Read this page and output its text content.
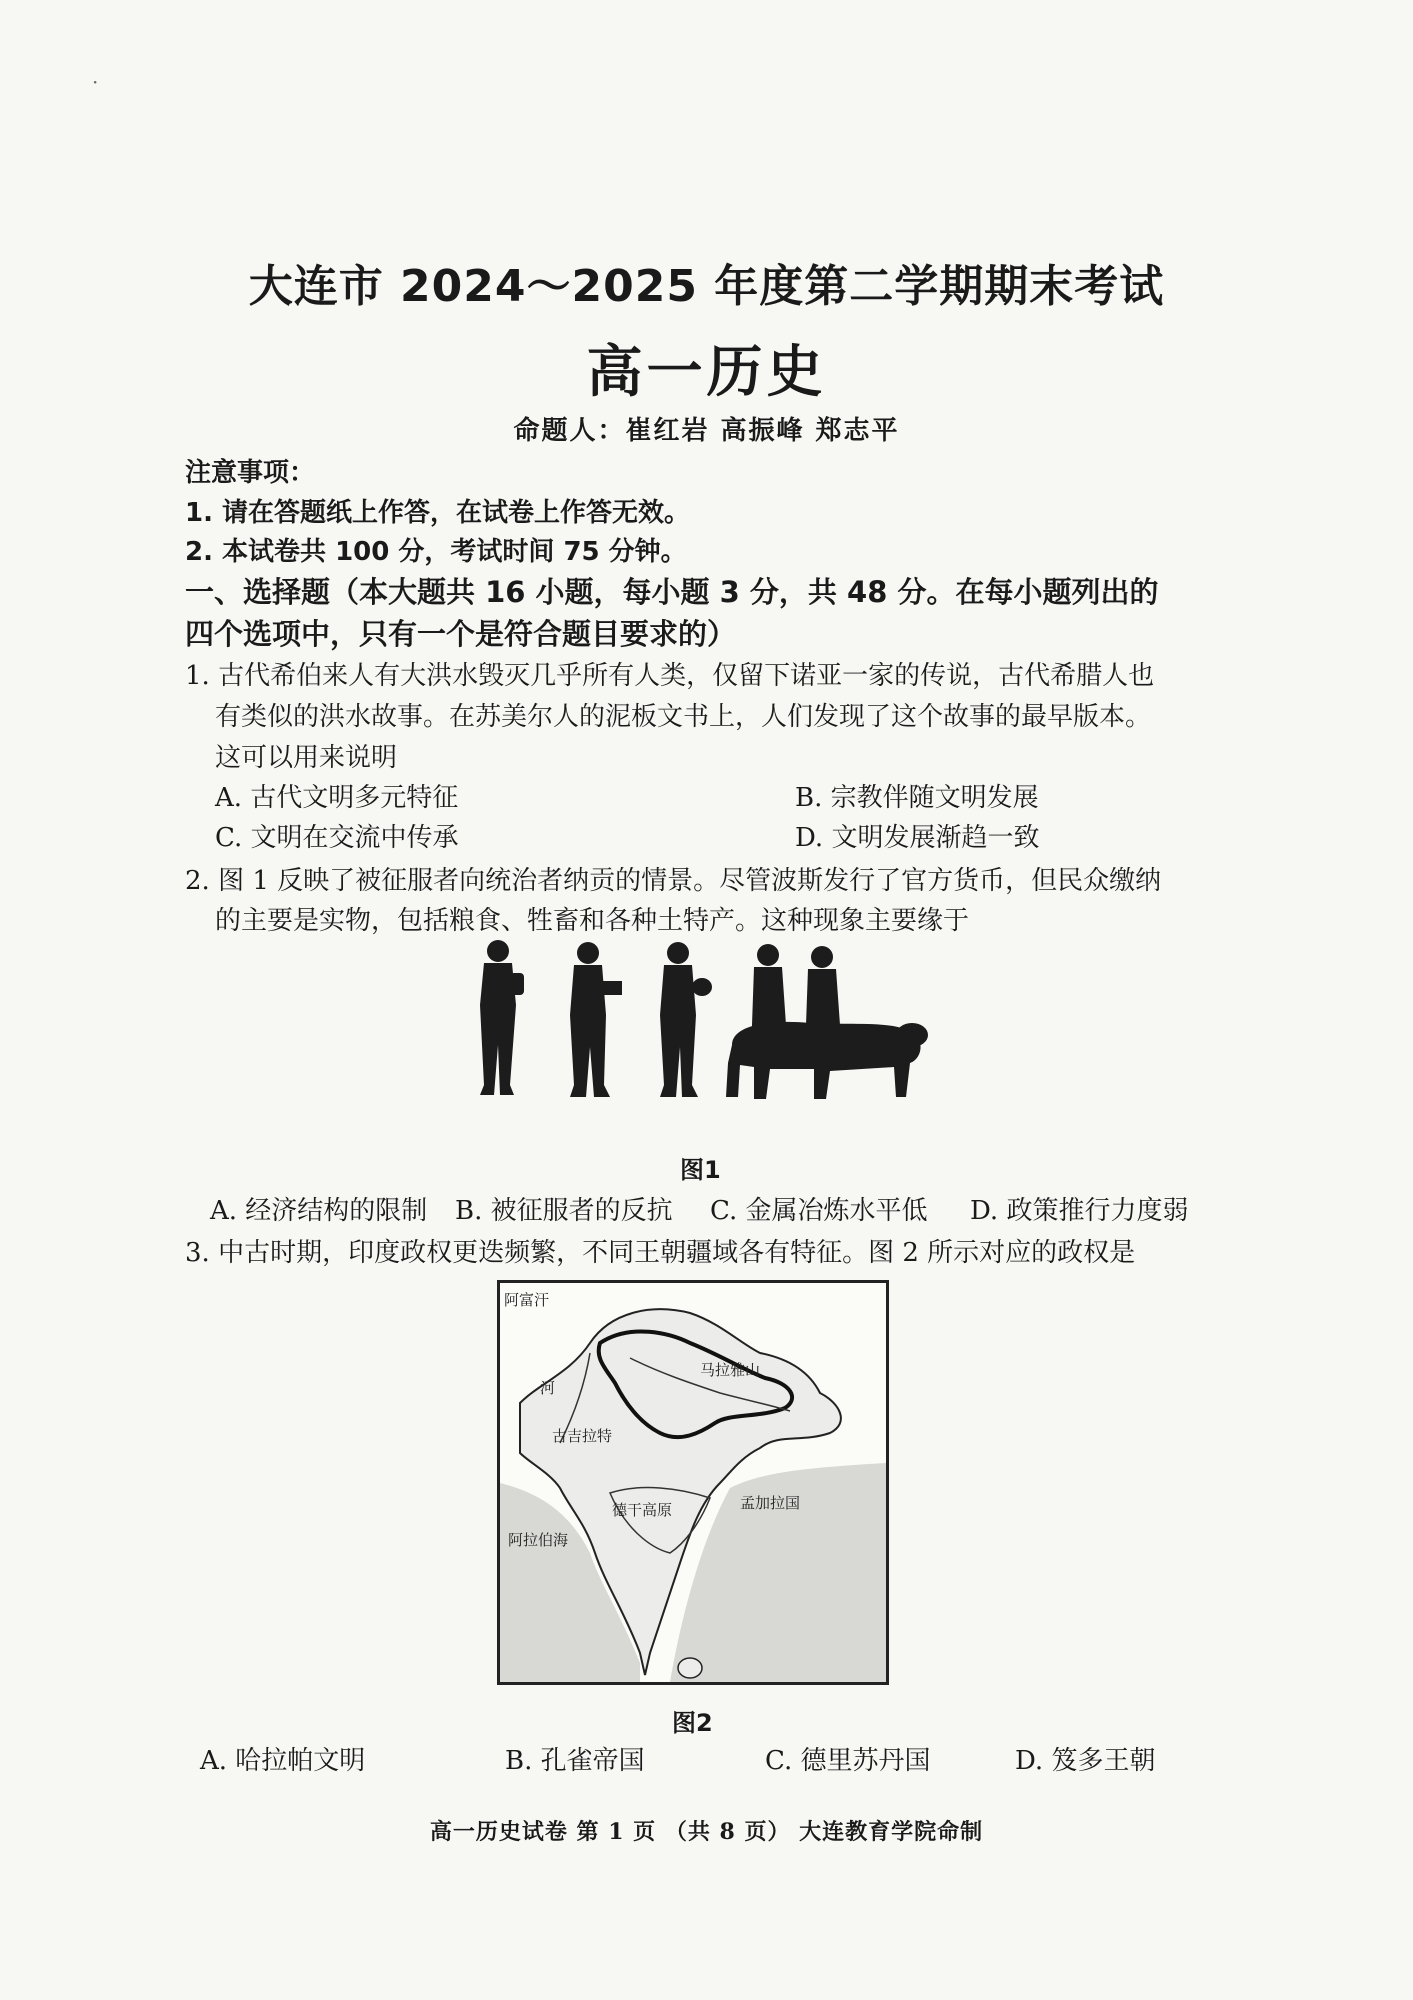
·
大连市 2024～2025 年度第二学期期末考试
高一历史
命题人：崔红岩 高振峰 郑志平
注意事项：
1. 请在答题纸上作答，在试卷上作答无效。
2. 本试卷共 100 分，考试时间 75 分钟。
一、选择题（本大题共 16 小题，每小题 3 分，共 48 分。在每小题列出的
四个选项中，只有一个是符合题目要求的）
1. 古代希伯来人有大洪水毁灭几乎所有人类，仅留下诺亚一家的传说，古代希腊人也
有类似的洪水故事。在苏美尔人的泥板文书上，人们发现了这个故事的最早版本。
这可以用来说明
A. 古代文明多元特征	B. 宗教伴随文明发展
C. 文明在交流中传承	D. 文明发展渐趋一致
2. 图 1 反映了被征服者向统治者纳贡的情景。尽管波斯发行了官方货币，但民众缴纳
的主要是实物，包括粮食、牲畜和各种土特产。这种现象主要缘于
图1
A. 经济结构的限制 B. 被征服者的反抗 C. 金属冶炼水平低 D. 政策推行力度弱
3. 中古时期，印度政权更迭频繁，不同王朝疆域各有特征。图 2 所示对应的政权是
阿富汗
马拉雅山
德干高原	孟加拉国
阿拉伯海
古吉拉特
河
图2
A. 哈拉帕文明	B. 孔雀帝国	C. 德里苏丹国	D. 笈多王朝
高一历史试卷 第 1 页 （共 8 页） 大连教育学院命制
